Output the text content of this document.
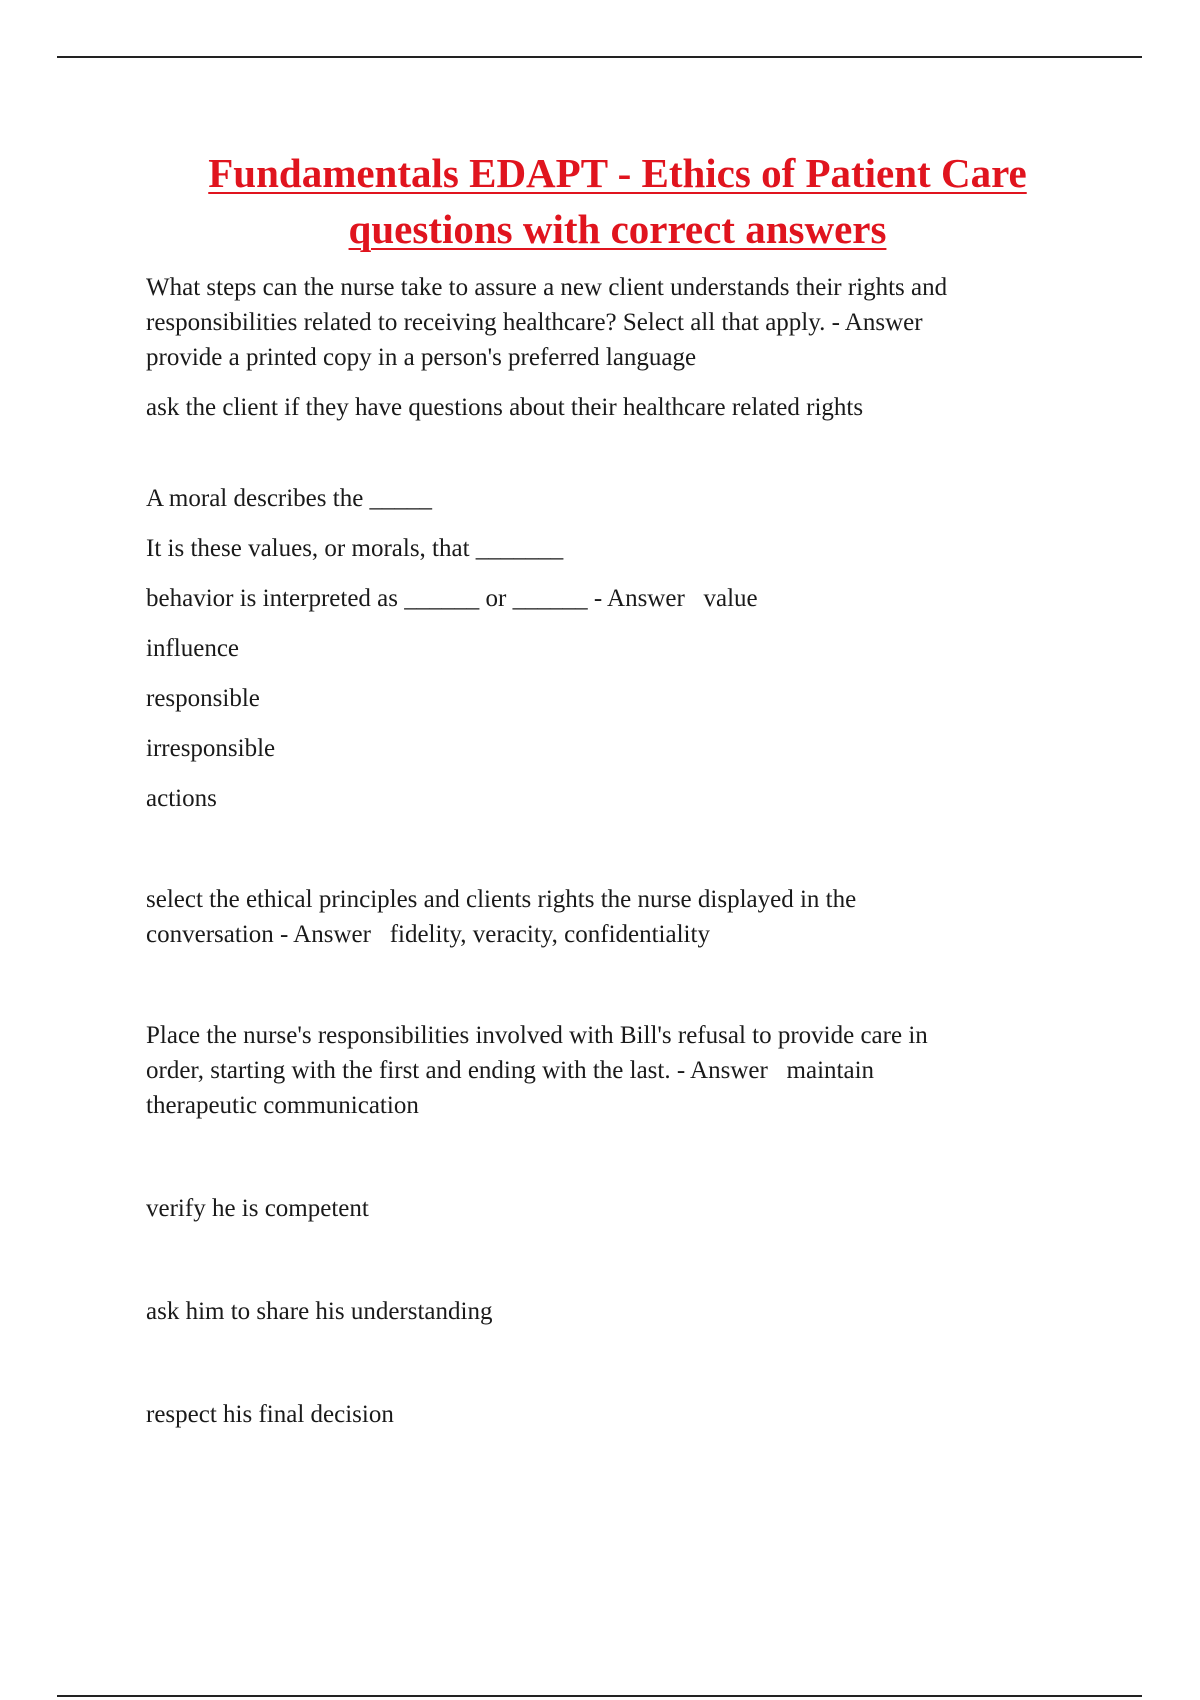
Fundamentals EDAPT - Ethics of Patient Care
questions with correct answers

What steps can the nurse take to assure a new client understands their rights and

responsibilities related to receiving healthcare? Select all that apply. - Answer

provide a printed copy in a person's preferred language

ask the client if they have questions about their healthcare related rights

A moral describes the _____

It is these values, or morals, that _______

behavior is interpreted as ______ or ______ - Answer   value

influence

responsible

irresponsible

actions

select the ethical principles and clients rights the nurse displayed in the

conversation - Answer   fidelity, veracity, confidentiality

Place the nurse's responsibilities involved with Bill's refusal to provide care in

order, starting with the first and ending with the last. - Answer   maintain

therapeutic communication

verify he is competent

ask him to share his understanding

respect his final decision
